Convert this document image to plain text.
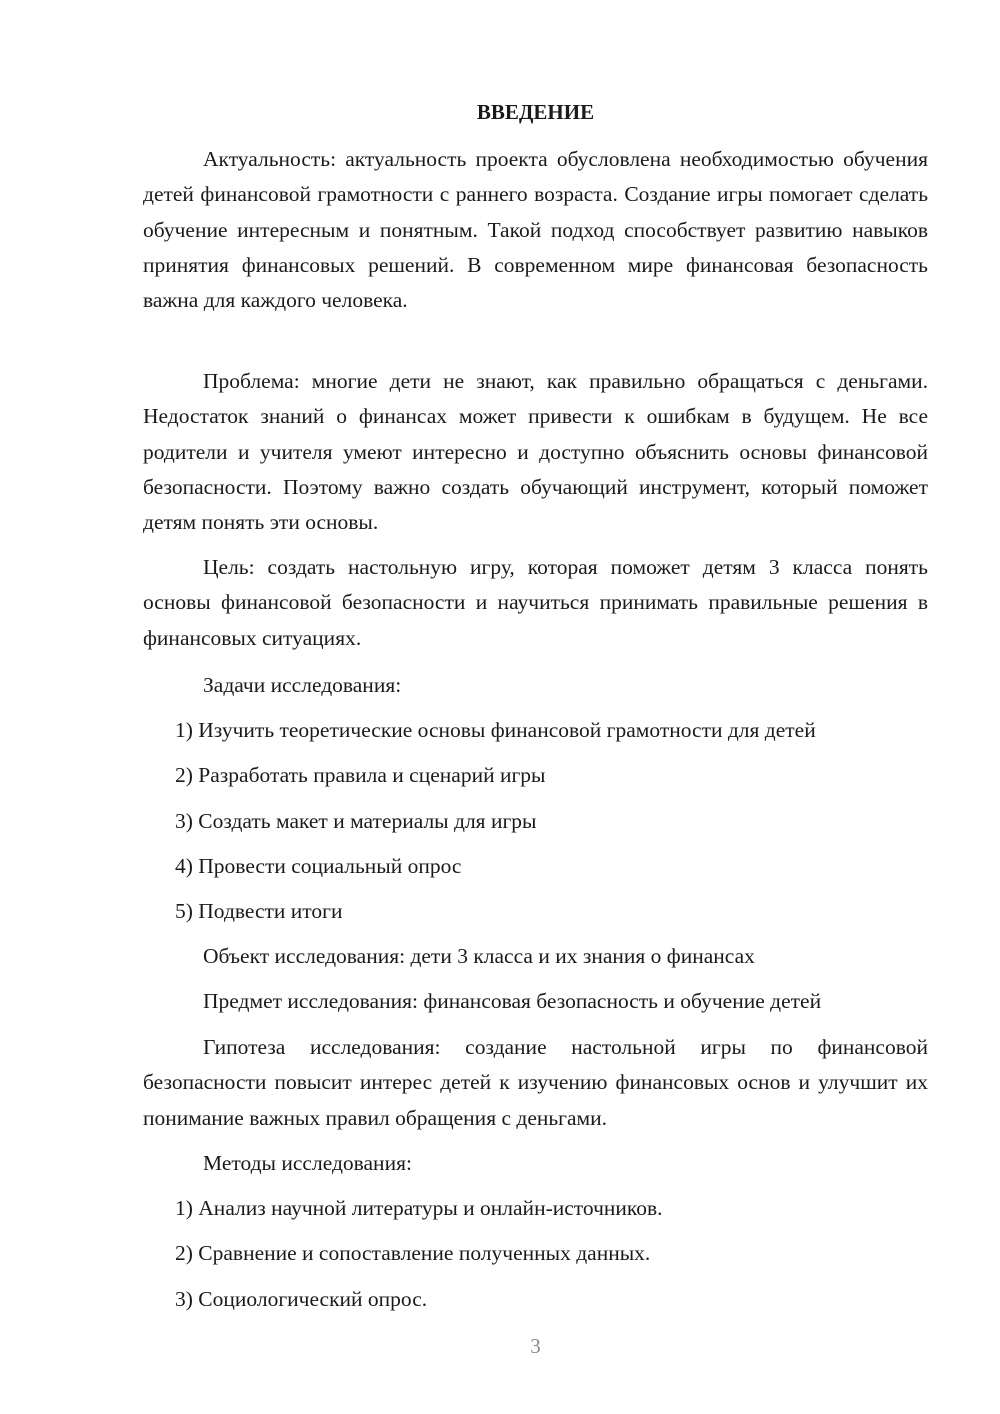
ВВЕДЕНИЕ

Актуальность: актуальность проекта обусловлена необходимостью обучения детей финансовой грамотности с раннего возраста. Создание игры помогает сделать обучение интересным и понятным. Такой подход способствует развитию навыков принятия финансовых решений. В современном мире финансовая безопасность важна для каждого человека.

Проблема: многие дети не знают, как правильно обращаться с деньгами. Недостаток знаний о финансах может привести к ошибкам в будущем. Не все родители и учителя умеют интересно и доступно объяснить основы финансовой безопасности. Поэтому важно создать обучающий инструмент, который поможет детям понять эти основы.

Цель: создать настольную игру, которая поможет детям 3 класса понять основы финансовой безопасности и научиться принимать правильные решения в финансовых ситуациях.

Задачи исследования:

1) Изучить теоретические основы финансовой грамотности для детей

2) Разработать правила и сценарий игры

3) Создать макет и материалы для игры

4) Провести социальный опрос

5) Подвести итоги

Объект исследования: дети 3 класса и их знания о финансах

Предмет исследования: финансовая безопасность и обучение детей

Гипотеза исследования: создание настольной игры по финансовой безопасности повысит интерес детей к изучению финансовых основ и улучшит их понимание важных правил обращения с деньгами.

Методы исследования:

1) Анализ научной литературы и онлайн-источников.

2) Сравнение и сопоставление полученных данных.

3) Социологический опрос.

3
